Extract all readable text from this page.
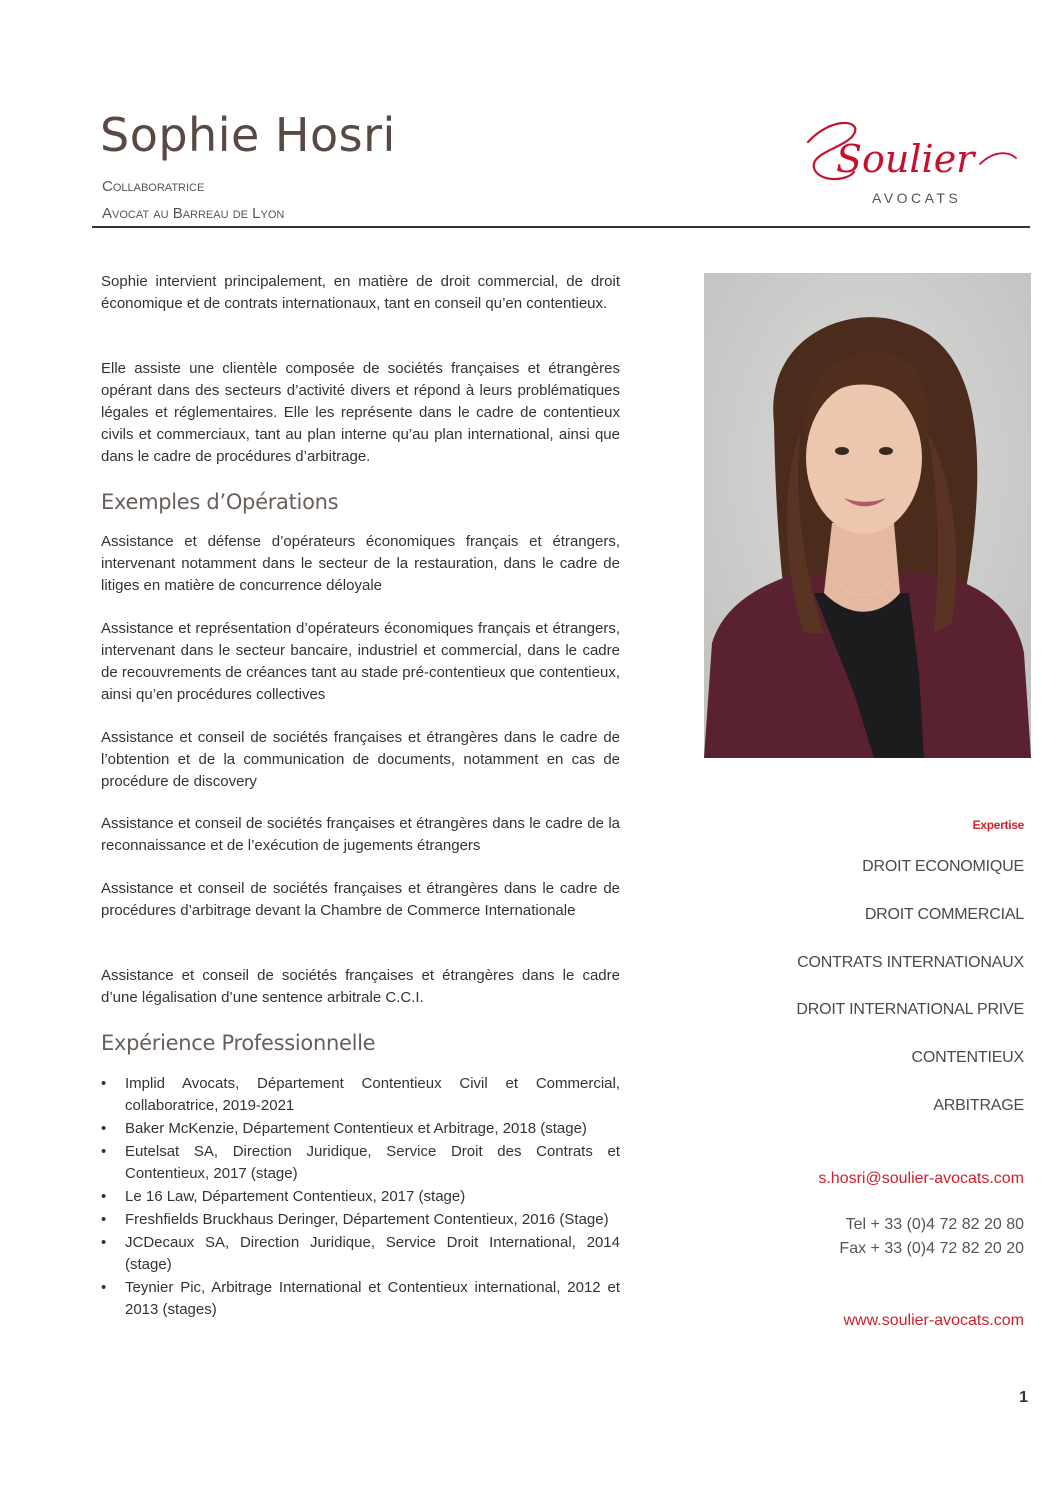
Sophie Hosri
Collaboratrice
Avocat au Barreau de Lyon
Soulier
AVOCATS
Sophie intervient principalement, en matière de droit commercial, de droit économique et de contrats internationaux, tant en conseil qu’en contentieux.
Elle assiste une clientèle composée de sociétés françaises et étrangères opérant dans des secteurs d’activité divers et répond à leurs problématiques légales et réglementaires. Elle les représente dans le cadre de contentieux civils et commerciaux, tant au plan interne qu’au plan international, ainsi que dans le cadre de procédures d’arbitrage.
Exemples d’Opérations
Assistance et défense d’opérateurs économiques français et étrangers, intervenant notamment dans le secteur de la restauration, dans le cadre de litiges en matière de concurrence déloyale
Assistance et représentation d’opérateurs économiques français et étrangers, intervenant dans le secteur bancaire, industriel et commercial, dans le cadre de recouvrements de créances tant au stade pré-contentieux que contentieux, ainsi qu’en procédures collectives
Assistance et conseil de sociétés françaises et étrangères dans le cadre de l’obtention et de la communication de documents, notamment en cas de procédure de discovery
Assistance et conseil de sociétés françaises et étrangères dans le cadre de la reconnaissance et de l’exécution de jugements étrangers
Assistance et conseil de sociétés françaises et étrangères dans le cadre de procédures d’arbitrage devant la Chambre de Commerce Internationale
Assistance et conseil de sociétés françaises et étrangères dans le cadre d’une légalisation d’une sentence arbitrale C.C.I.
Expérience Professionnelle
• Implid Avocats, Département Contentieux Civil et Commercial, collaboratrice, 2019-2021
• Baker McKenzie, Département Contentieux et Arbitrage, 2018 (stage)
• Eutelsat SA, Direction Juridique, Service Droit des Contrats et Contentieux, 2017 (stage)
• Le 16 Law, Département Contentieux, 2017 (stage)
• Freshfields Bruckhaus Deringer, Département Contentieux, 2016 (Stage)
• JCDecaux SA, Direction Juridique, Service Droit International, 2014 (stage)
• Teynier Pic, Arbitrage International et Contentieux international, 2012 et 2013 (stages)
Expertise
DROIT ECONOMIQUE
DROIT COMMERCIAL
CONTRATS INTERNATIONAUX
DROIT INTERNATIONAL PRIVE
CONTENTIEUX
ARBITRAGE
s.hosri@soulier-avocats.com
Tel + 33 (0)4 72 82 20 80
Fax + 33 (0)4 72 82 20 20
www.soulier-avocats.com
1
